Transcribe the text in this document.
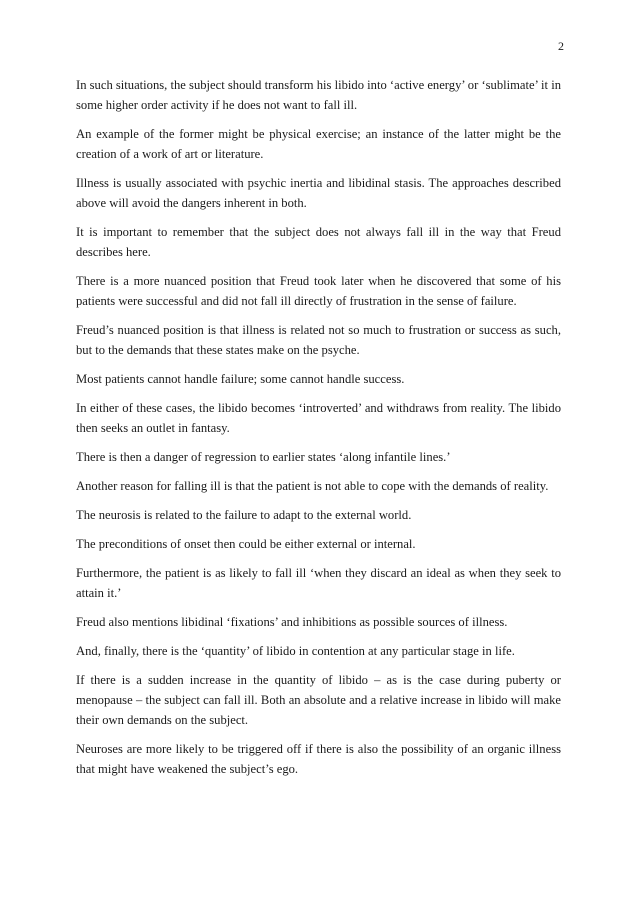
2

In such situations, the subject should transform his libido into ‘active energy’ or ‘sublimate’ it in some higher order activity if he does not want to fall ill.

An example of the former might be physical exercise; an instance of the latter might be the creation of a work of art or literature.

Illness is usually associated with psychic inertia and libidinal stasis. The approaches described above will avoid the dangers inherent in both.

It is important to remember that the subject does not always fall ill in the way that Freud describes here.

There is a more nuanced position that Freud took later when he discovered that some of his patients were successful and did not fall ill directly of frustration in the sense of failure.

Freud’s nuanced position is that illness is related not so much to frustration or success as such, but to the demands that these states make on the psyche.

Most patients cannot handle failure; some cannot handle success.

In either of these cases, the libido becomes ‘introverted’ and withdraws from reality. The libido then seeks an outlet in fantasy.

There is then a danger of regression to earlier states ‘along infantile lines.’

Another reason for falling ill is that the patient is not able to cope with the demands of reality.

The neurosis is related to the failure to adapt to the external world.

The preconditions of onset then could be either external or internal.

Furthermore, the patient is as likely to fall ill ‘when they discard an ideal as when they seek to attain it.’

Freud also mentions libidinal ‘fixations’ and inhibitions as possible sources of illness.

And, finally, there is the ‘quantity’ of libido in contention at any particular stage in life.

If there is a sudden increase in the quantity of libido – as is the case during puberty or menopause – the subject can fall ill. Both an absolute and a relative increase in libido will make their own demands on the subject.

Neuroses are more likely to be triggered off if there is also the possibility of an organic illness that might have weakened the subject’s ego.
